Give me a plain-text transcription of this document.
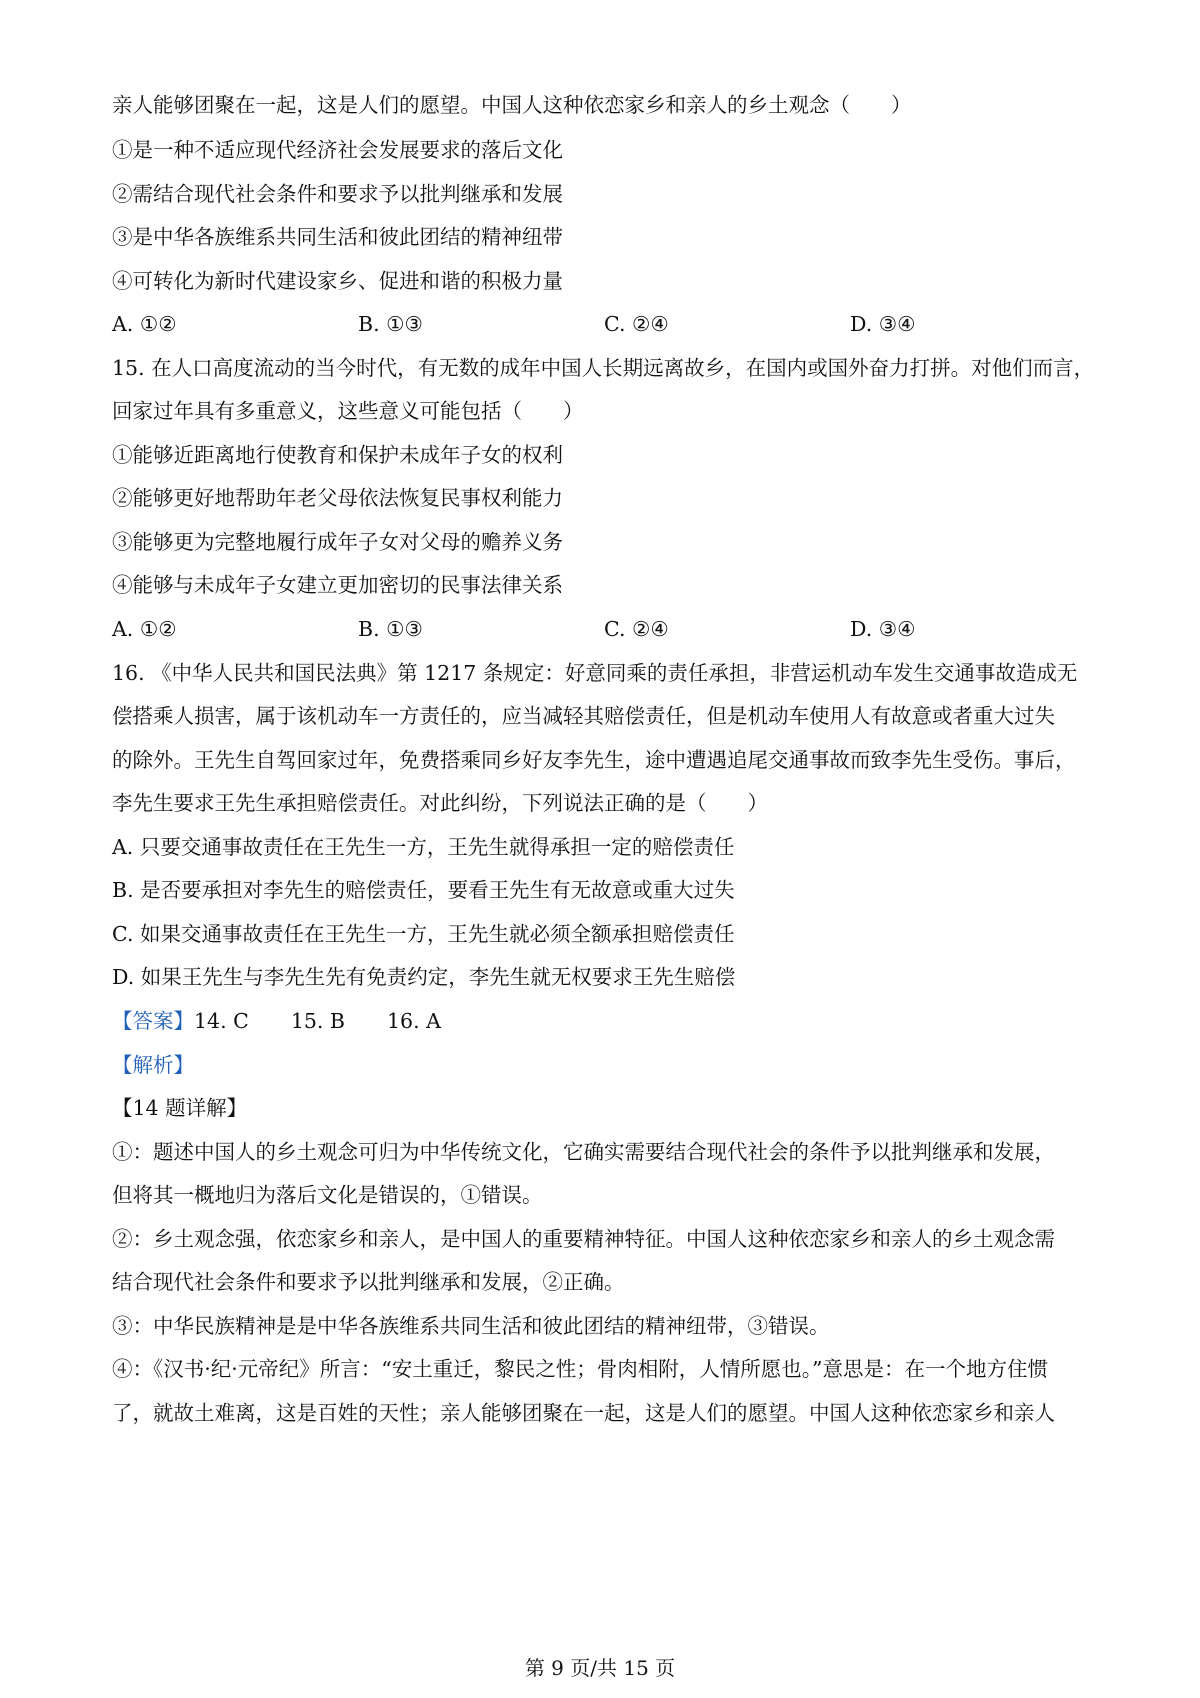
亲人能够团聚在一起，这是人们的愿望。中国人这种依恋家乡和亲人的乡土观念（　　）
①是一种不适应现代经济社会发展要求的落后文化
②需结合现代社会条件和要求予以批判继承和发展
③是中华各族维系共同生活和彼此团结的精神纽带
④可转化为新时代建设家乡、促进和谐的积极力量
A. ①②	B. ①③	C. ②④	D. ③④
15. 在人口高度流动的当今时代，有无数的成年中国人长期远离故乡，在国内或国外奋力打拼。对他们而言，
回家过年具有多重意义，这些意义可能包括（　　）
①能够近距离地行使教育和保护未成年子女的权利
②能够更好地帮助年老父母依法恢复民事权利能力
③能够更为完整地履行成年子女对父母的赡养义务
④能够与未成年子女建立更加密切的民事法律关系
A. ①②	B. ①③	C. ②④	D. ③④
16. 《中华人民共和国民法典》第 1217 条规定：好意同乘的责任承担，非营运机动车发生交通事故造成无
偿搭乘人损害，属于该机动车一方责任的，应当减轻其赔偿责任，但是机动车使用人有故意或者重大过失
的除外。王先生自驾回家过年，免费搭乘同乡好友李先生，途中遭遇追尾交通事故而致李先生受伤。事后，
李先生要求王先生承担赔偿责任。对此纠纷，下列说法正确的是（　　）
A. 只要交通事故责任在王先生一方，王先生就得承担一定的赔偿责任
B. 是否要承担对李先生的赔偿责任，要看王先生有无故意或重大过失
C. 如果交通事故责任在王先生一方，王先生就必须全额承担赔偿责任
D. 如果王先生与李先生先有免责约定，李先生就无权要求王先生赔偿
【答案】14. C 15. B 16. A
【解析】
【14 题详解】
①：题述中国人的乡土观念可归为中华传统文化，它确实需要结合现代社会的条件予以批判继承和发展，
但将其一概地归为落后文化是错误的，①错误。
②：乡土观念强，依恋家乡和亲人，是中国人的重要精神特征。中国人这种依恋家乡和亲人的乡土观念需
结合现代社会条件和要求予以批判继承和发展，②正确。
③：中华民族精神是是中华各族维系共同生活和彼此团结的精神纽带，③错误。
④：《汉书·纪·元帝纪》所言：“安土重迁，黎民之性；骨肉相附，人情所愿也。”意思是：在一个地方住惯
了，就故土难离，这是百姓的天性；亲人能够团聚在一起，这是人们的愿望。中国人这种依恋家乡和亲人
第 9 页/共 15 页
